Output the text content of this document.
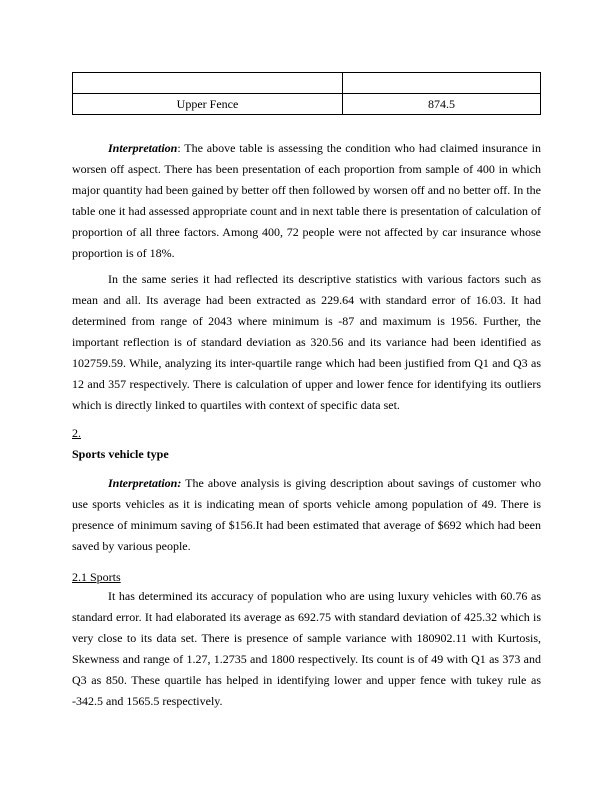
Upper Fence	874.5

Interpretation: The above table is assessing the condition who had claimed insurance in worsen off aspect. There has been presentation of each proportion from sample of 400 in which major quantity had been gained by better off then followed by worsen off and no better off. In the table one it had assessed appropriate count and in next table there is presentation of calculation of proportion of all three factors. Among 400, 72 people were not affected by car insurance whose proportion is of 18%.

In the same series it had reflected its descriptive statistics with various factors such as mean and all. Its average had been extracted as 229.64 with standard error of 16.03. It had determined from range of 2043 where minimum is -87 and maximum is 1956. Further, the important reflection is of standard deviation as 320.56 and its variance had been identified as 102759.59. While, analyzing its inter-quartile range which had been justified from Q1 and Q3 as 12 and 357 respectively. There is calculation of upper and lower fence for identifying its outliers which is directly linked to quartiles with context of specific data set.

2.

Sports vehicle type

Interpretation: The above analysis is giving description about savings of customer who use sports vehicles as it is indicating mean of sports vehicle among population of 49. There is presence of minimum saving of $156.It had been estimated that average of $692 which had been saved by various people.

2.1 Sports

It has determined its accuracy of population who are using luxury vehicles with 60.76 as standard error. It had elaborated its average as 692.75 with standard deviation of 425.32 which is very close to its data set. There is presence of sample variance with 180902.11 with Kurtosis, Skewness and range of 1.27, 1.2735 and 1800 respectively. Its count is of 49 with Q1 as 373 and Q3 as 850. These quartile has helped in identifying lower and upper fence with tukey rule as -342.5 and 1565.5 respectively.
